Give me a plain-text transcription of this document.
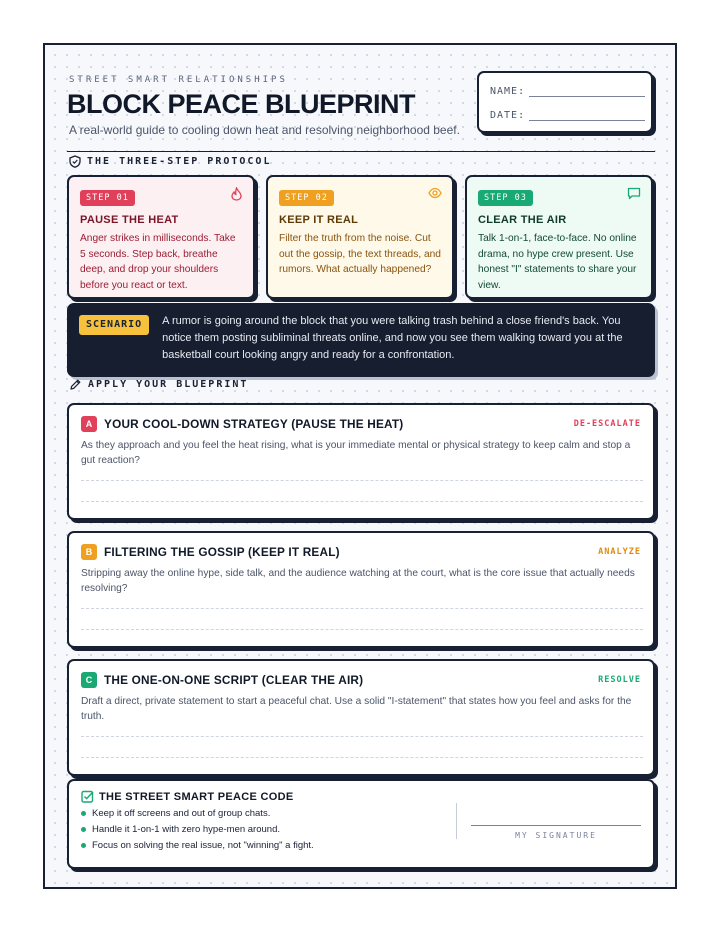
STREET SMART RELATIONSHIPS
BLOCK PEACE BLUEPRINT
A real-world guide to cooling down heat and resolving neighborhood beef.
NAME:
DATE:
THE THREE-STEP PROTOCOL
STEP 01
PAUSE THE HEAT

Anger strikes in milliseconds. Take 5 seconds. Step back, breathe deep, and drop your shoulders before you react or text.

STEP 02
KEEP IT REAL

Filter the truth from the noise. Cut out the gossip, the text threads, and rumors. What actually happened?

STEP 03
CLEAR THE AIR

Talk 1-on-1, face-to-face. No online drama, no hype crew present. Use honest "I" statements to share your view.

SCENARIO	A rumor is going around the block that you were talking trash behind a close friend's back. You notice them posting subliminal threats online, and now you see them walking toward you at the basketball court looking angry and ready for a confrontation.

APPLY YOUR BLUEPRINT
A YOUR COOL-DOWN STRATEGY (PAUSE THE HEAT)	DE-ESCALATE
As they approach and you feel the heat rising, what is your immediate mental or physical strategy to keep calm and stop a gut reaction?
B FILTERING THE GOSSIP (KEEP IT REAL)	ANALYZE
Stripping away the online hype, side talk, and the audience watching at the court, what is the core issue that actually needs resolving?
C THE ONE-ON-ONE SCRIPT (CLEAR THE AIR)	RESOLVE
Draft a direct, private statement to start a peaceful chat. Use a solid "I-statement" that states how you feel and asks for the truth.
THE STREET SMART PEACE CODE
Keep it off screens and out of group chats.
Handle it 1-on-1 with zero hype-men around.
Focus on solving the real issue, not "winning" a fight.
MY SIGNATURE
